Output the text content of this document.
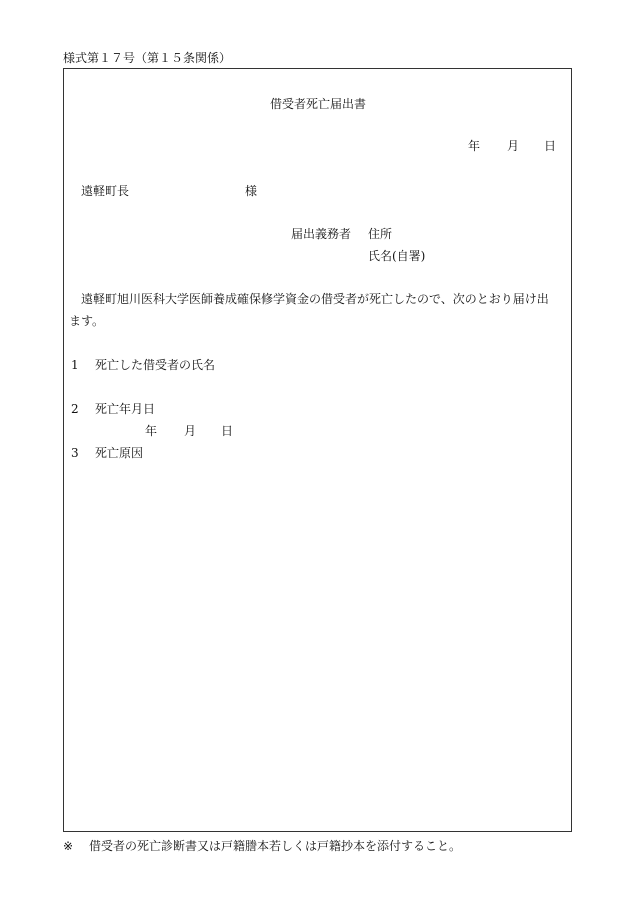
様式第１７号（第１５条関係）
借受者死亡届出書
年 月 日
遠軽町長	様
届出義務者 住所
氏名(自署)
遠軽町旭川医科大学医師養成確保修学資金の借受者が死亡したので、次のとおり届け出
ます。
1 死亡した借受者の氏名
2 死亡年月日
年 月 日
3 死亡原因
※ 借受者の死亡診断書又は戸籍謄本若しくは戸籍抄本を添付すること。
